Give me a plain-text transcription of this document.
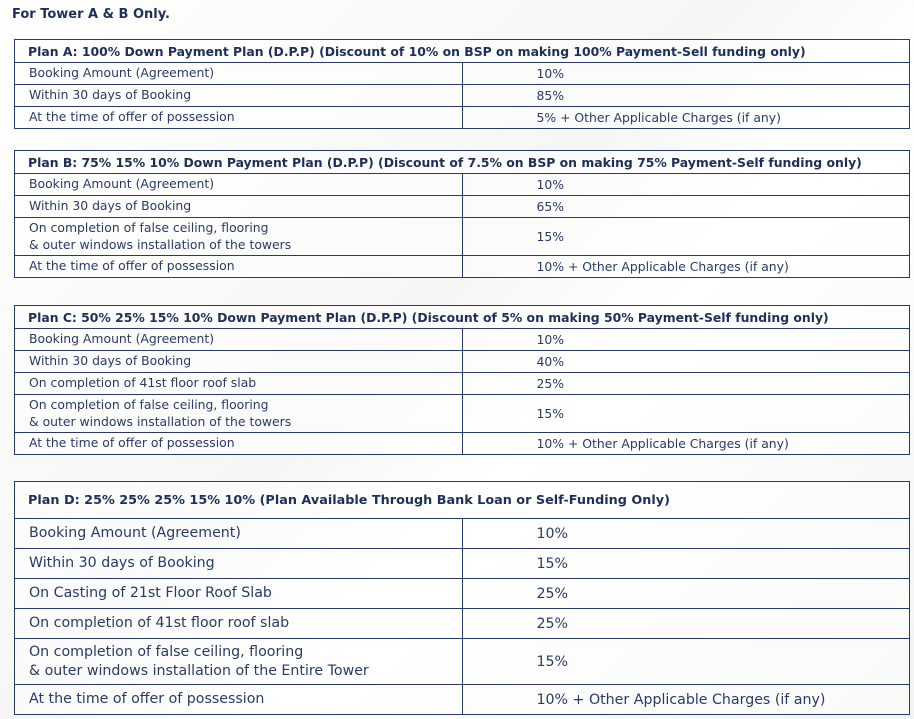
For Tower A & B Only.
Plan A: 100% Down Payment Plan (D.P.P) (Discount of 10% on BSP on making 100% Payment-Sell funding only)	
Booking Amount (Agreement)	10%
Within 30 days of Booking	85%
At the time of offer of possession	5% + Other Applicable Charges (if any)
Plan B: 75% 15% 10% Down Payment Plan (D.P.P) (Discount of 7.5% on BSP on making 75% Payment-Self funding only)	
Booking Amount (Agreement)	10%
Within 30 days of Booking	65%
On completion of false ceiling, flooring
& outer windows installation of the towers	15%
At the time of offer of possession	10% + Other Applicable Charges (if any)
Plan C: 50% 25% 15% 10% Down Payment Plan (D.P.P) (Discount of 5% on making 50% Payment-Self funding only)	
Booking Amount (Agreement)	10%
Within 30 days of Booking	40%
On completion of 41st floor roof slab	25%
On completion of false ceiling, flooring
& outer windows installation of the towers	15%
At the time of offer of possession	10% + Other Applicable Charges (if any)
Plan D: 25% 25% 25% 15% 10% (Plan Available Through Bank Loan or Self-Funding Only)	
Booking Amount (Agreement)	10%
Within 30 days of Booking	15%
On Casting of 21st Floor Roof Slab	25%
On completion of 41st floor roof slab	25%
On completion of false ceiling, flooring
& outer windows installation of the Entire Tower	15%
At the time of offer of possession	10% + Other Applicable Charges (if any)
